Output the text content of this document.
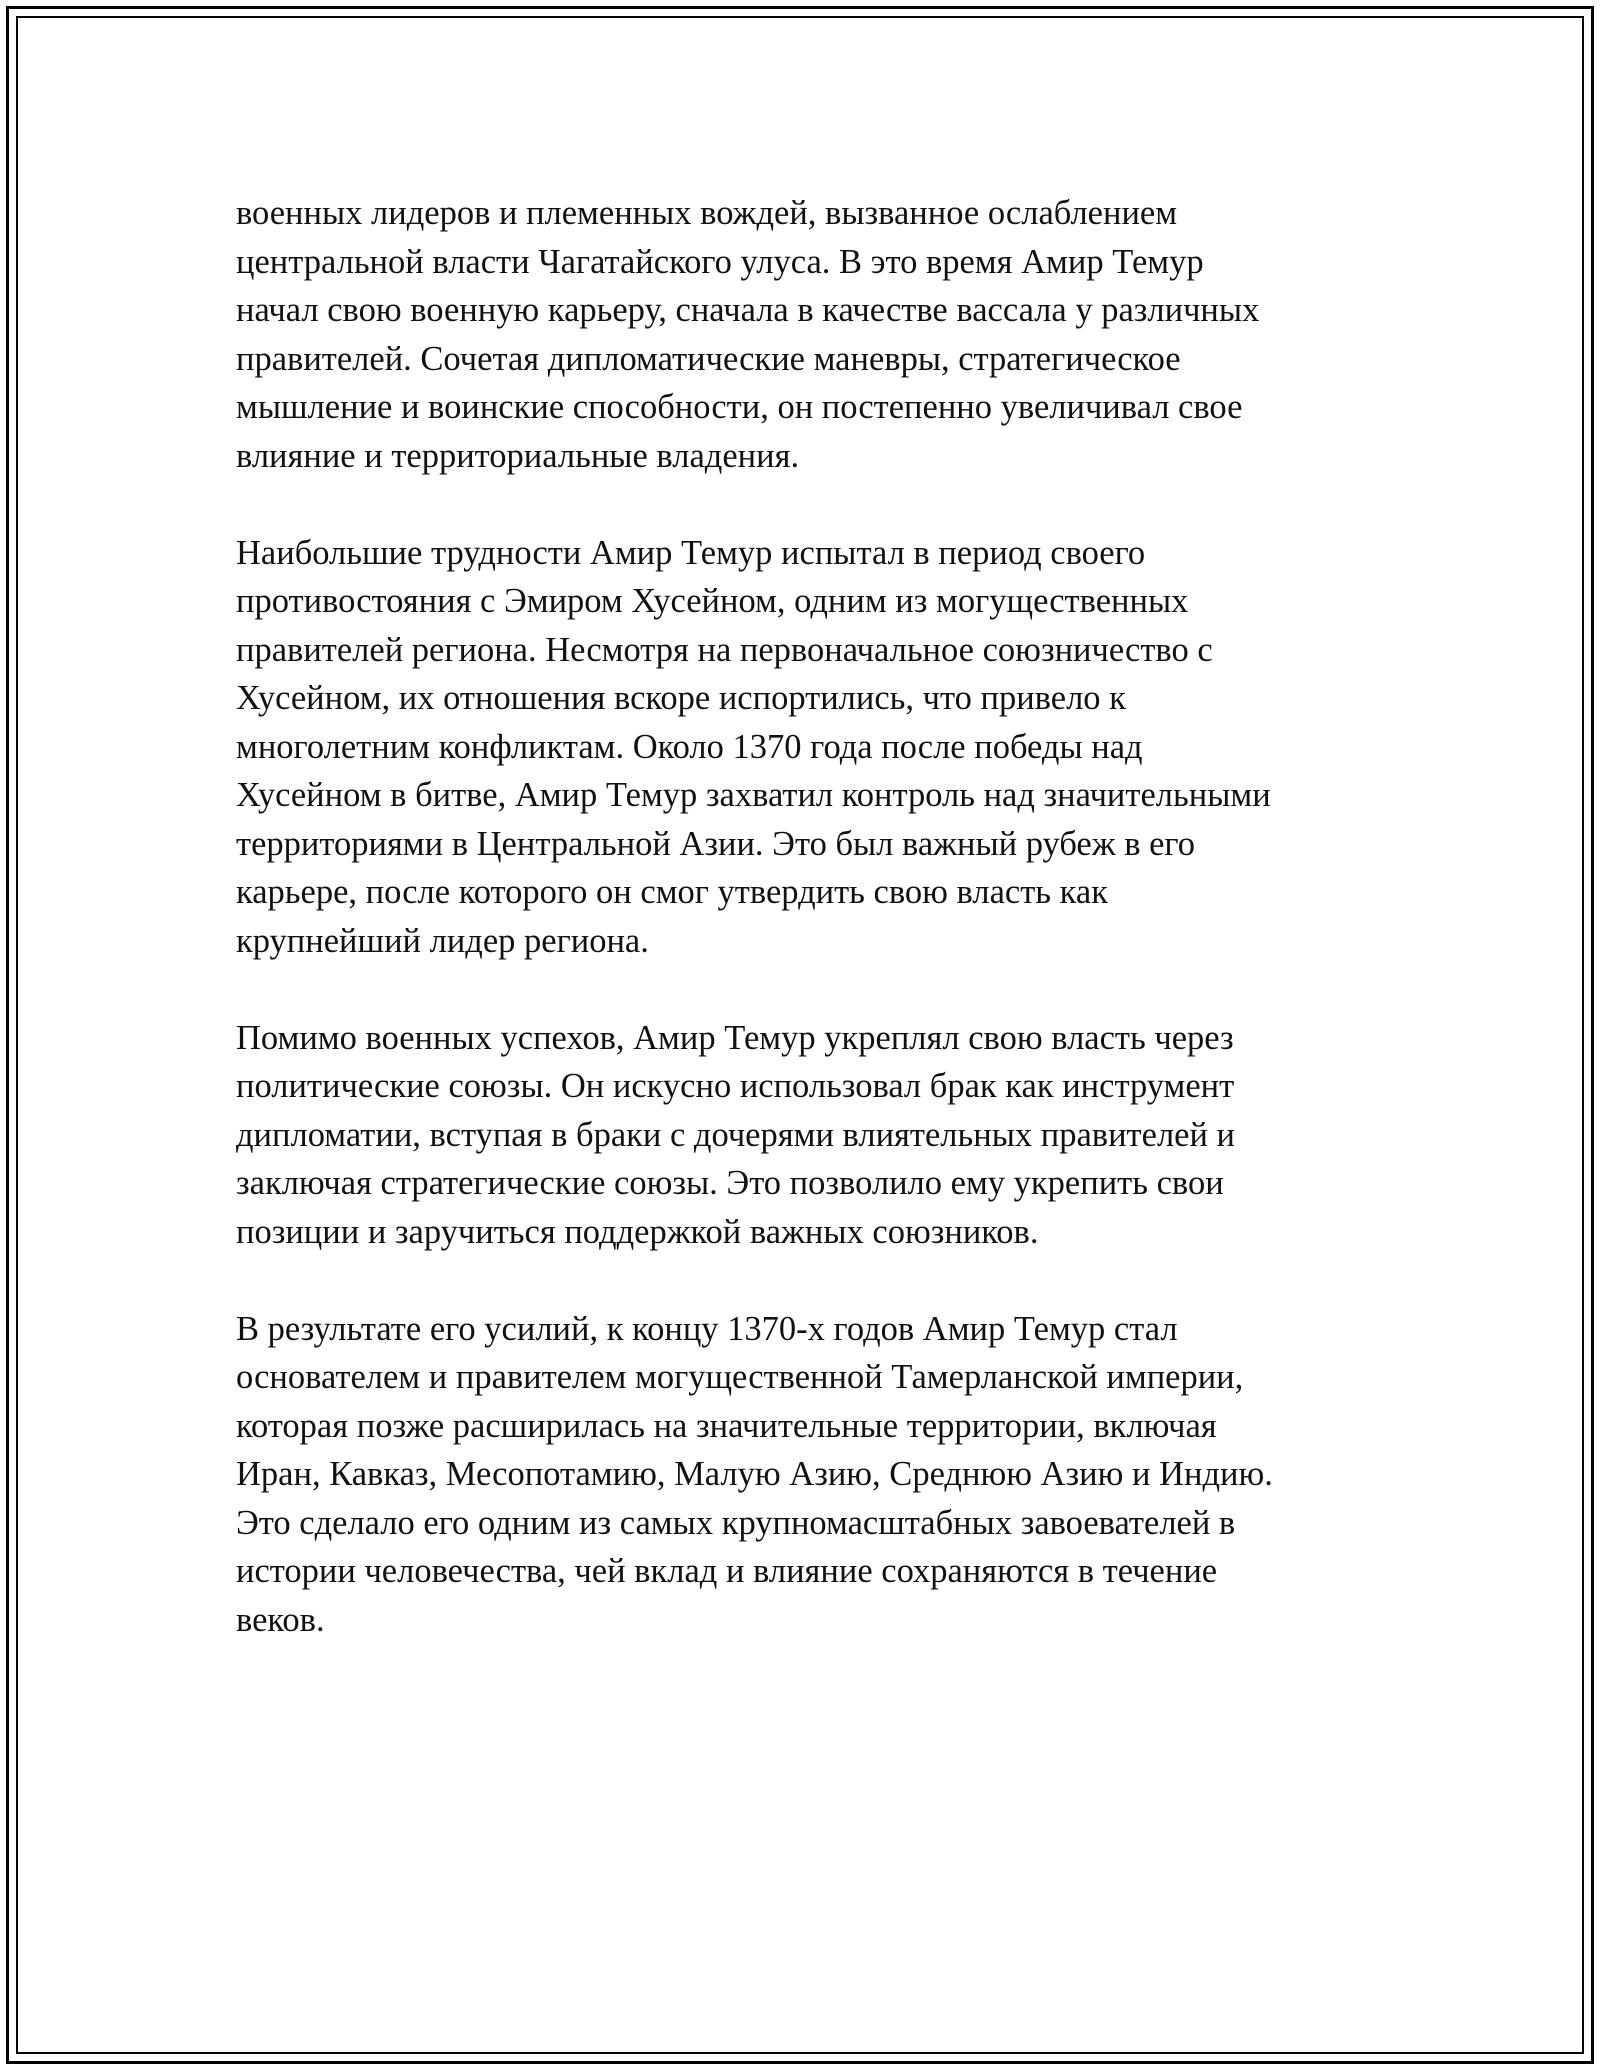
военных лидеров и племенных вождей, вызванное ослаблением
центральной власти Чагатайского улуса. В это время Амир Темур
начал свою военную карьеру, сначала в качестве вассала у различных
правителей. Сочетая дипломатические маневры, стратегическое
мышление и воинские способности, он постепенно увеличивал свое
влияние и территориальные владения.

Наибольшие трудности Амир Темур испытал в период своего
противостояния с Эмиром Хусейном, одним из могущественных
правителей региона. Несмотря на первоначальное союзничество с
Хусейном, их отношения вскоре испортились, что привело к
многолетним конфликтам. Около 1370 года после победы над
Хусейном в битве, Амир Темур захватил контроль над значительными
территориями в Центральной Азии. Это был важный рубеж в его
карьере, после которого он смог утвердить свою власть как
крупнейший лидер региона.

Помимо военных успехов, Амир Темур укреплял свою власть через
политические союзы. Он искусно использовал брак как инструмент
дипломатии, вступая в браки с дочерями влиятельных правителей и
заключая стратегические союзы. Это позволило ему укрепить свои
позиции и заручиться поддержкой важных союзников.

В результате его усилий, к концу 1370-х годов Амир Темур стал
основателем и правителем могущественной Тамерланской империи,
которая позже расширилась на значительные территории, включая
Иран, Кавказ, Месопотамию, Малую Азию, Среднюю Азию и Индию.
Это сделало его одним из самых крупномасштабных завоевателей в
истории человечества, чей вклад и влияние сохраняются в течение
веков.
